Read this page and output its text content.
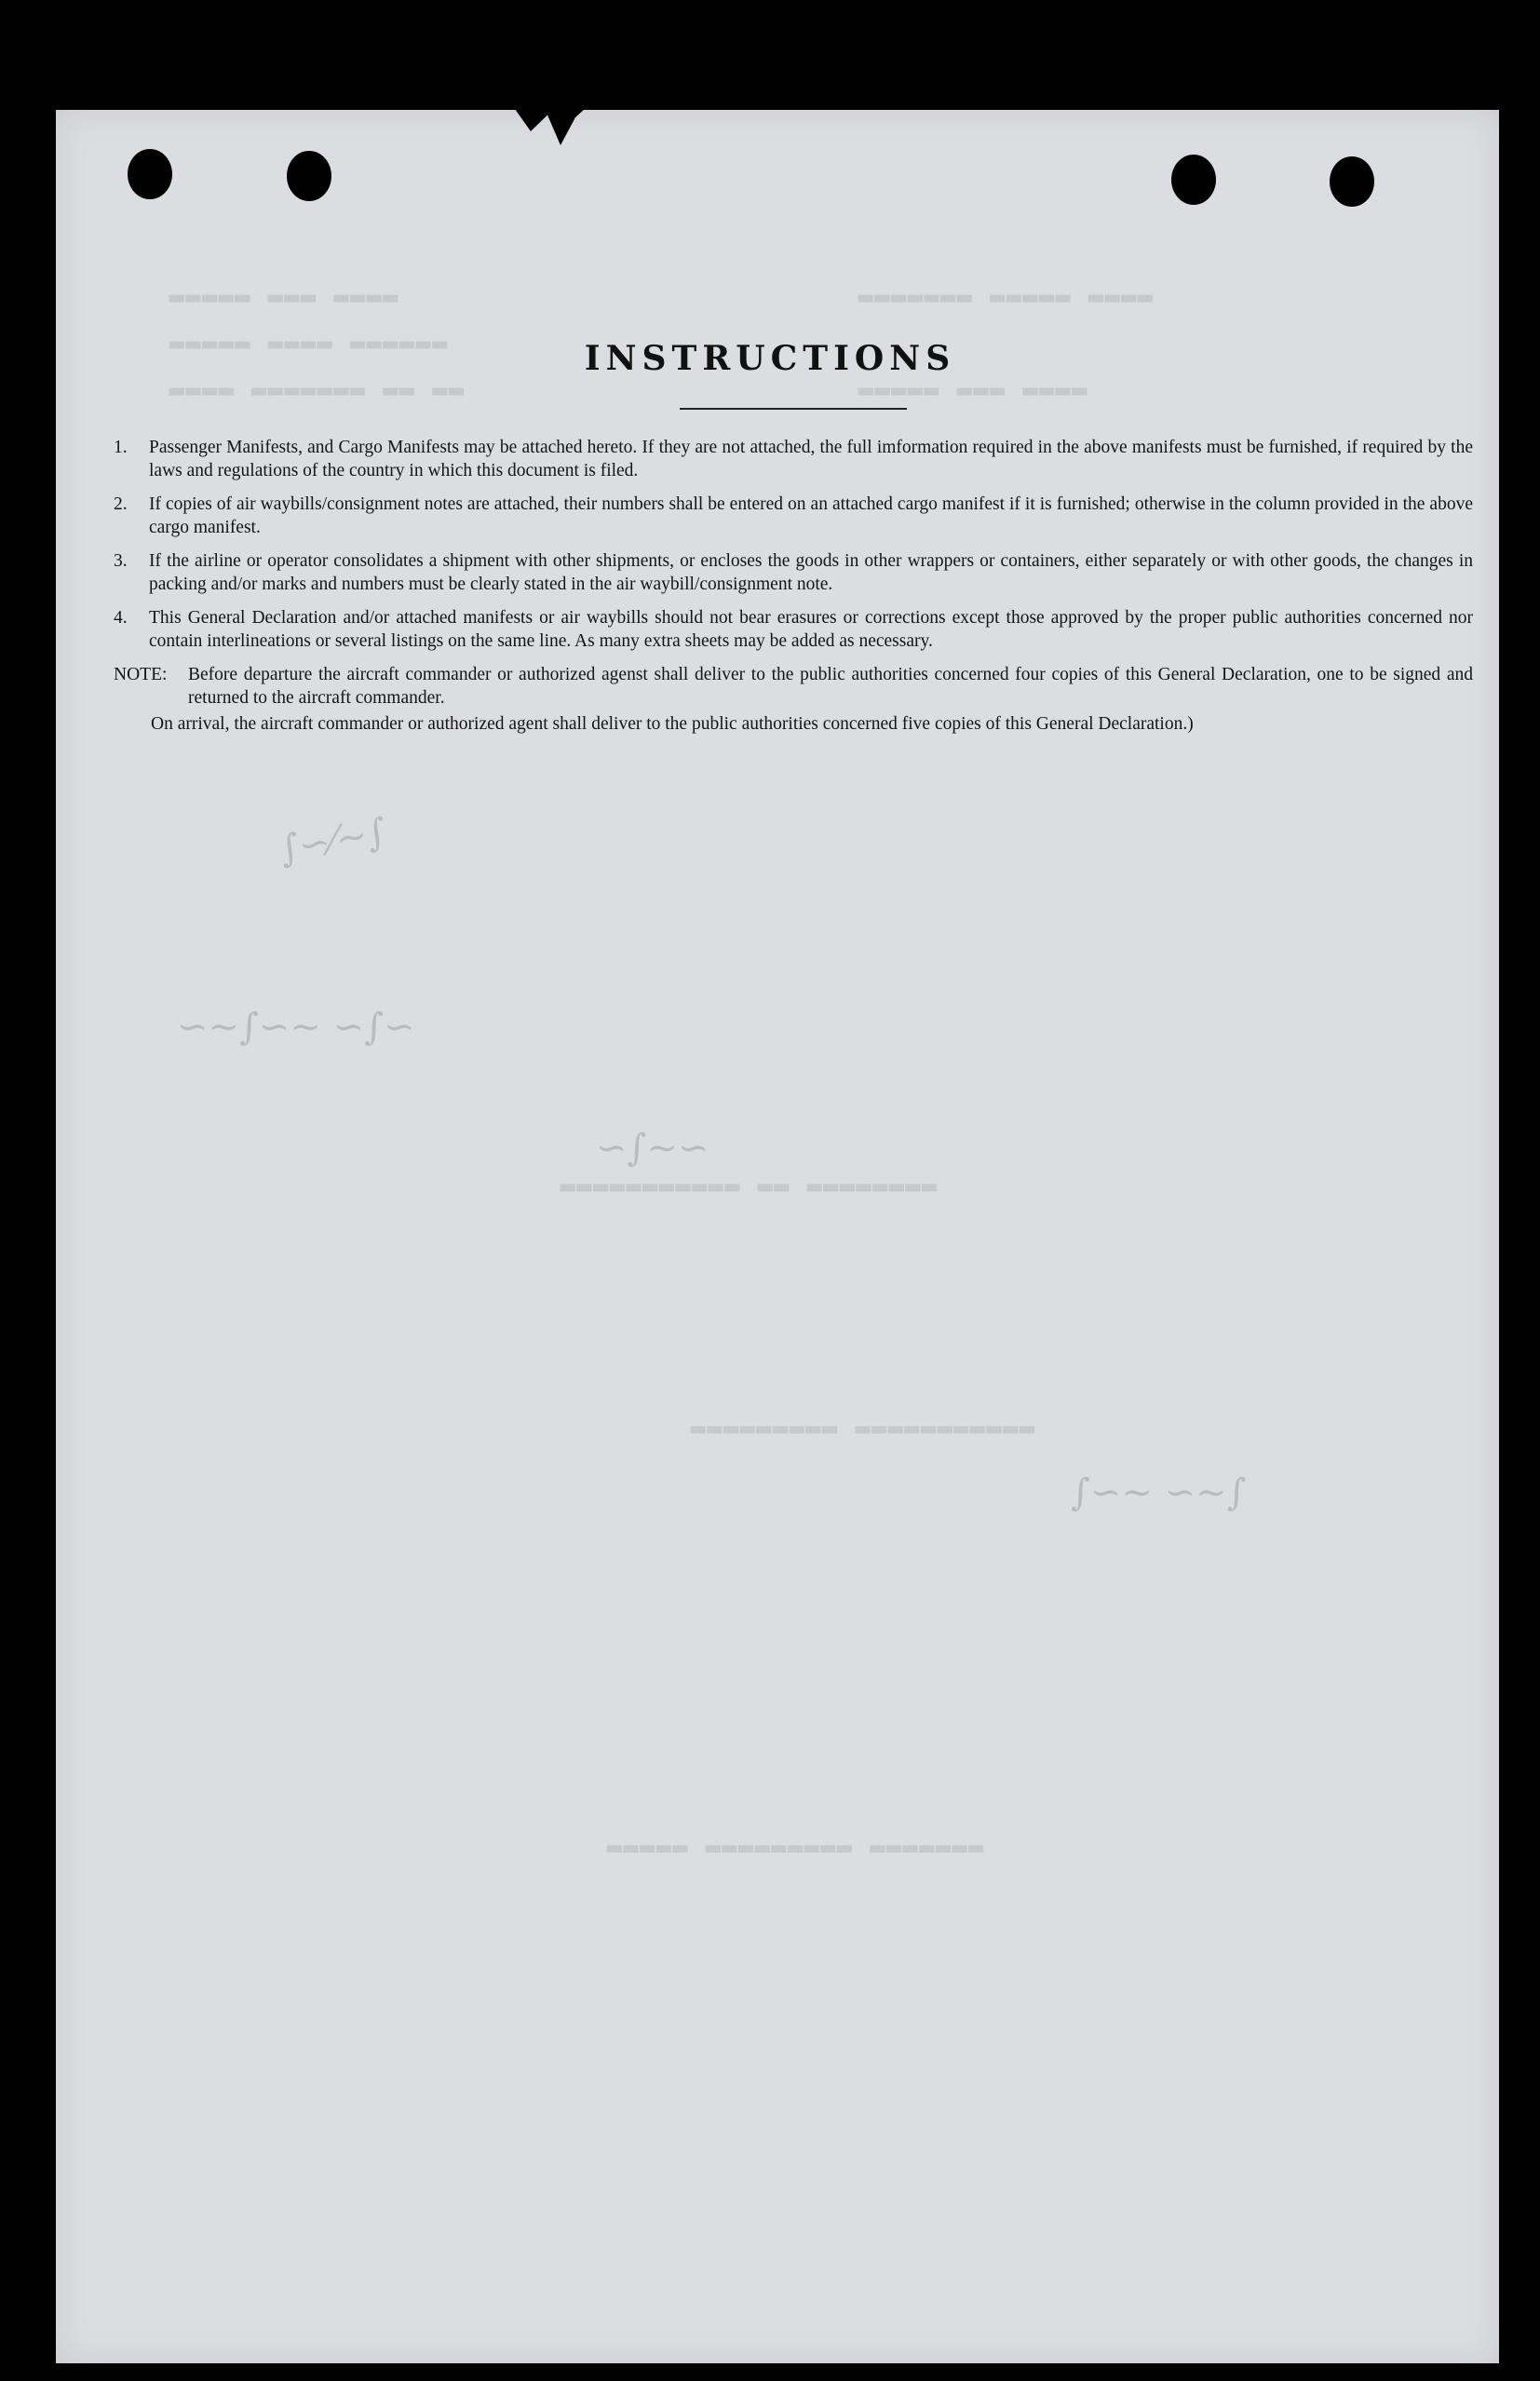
▂▂▂▂ ▂▂▂ ▂▂▂▂▂
▂▂▂▂▂▂ ▂▂▂▂ ▂▂▂▂▂
▂▂ ▂▂ ▂▂▂▂▂▂▂ ▂▂▂▂
▂▂▂▂ ▂▂▂▂▂ ▂▂▂▂▂▂▂
▂▂▂▂ ▂▂▂ ▂▂▂▂▂
▂▂▂▂▂▂▂▂ ▂▂ ▂▂▂▂▂▂▂▂▂▂▂
▂▂▂▂▂▂▂▂▂▂▂ ▂▂▂▂▂▂▂▂▂
▂▂▂▂▂▂▂ ▂▂▂▂▂▂▂▂▂ ▂▂▂▂▂
∫∽⁄∼∫
∽∼∫∽∼ ∽∫∽
∽∫∼∽
∫∽∼ ∽∼∫
INSTRUCTIONS
1.	Passenger Manifests, and Cargo Manifests may be attached hereto. If they are not attached, the full imformation required in the above manifests must be furnished, if required by the laws and regulations of the country in which this document is filed.
2.	If copies of air waybills/consignment notes are attached, their numbers shall be entered on an attached cargo manifest if it is furnished; otherwise in the column provided in the above cargo manifest.
3.	If the airline or operator consolidates a shipment with other shipments, or encloses the goods in other wrappers or containers, either separately or with other goods, the changes in packing and/or marks and numbers must be clearly stated in the air waybill/consignment note.
4.	This General Declaration and/or attached manifests or air waybills should not bear erasures or corrections except those approved by the proper public authorities concerned nor contain interlineations or several listings on the same line. As many extra sheets may be added as necessary.
NOTE:	Before departure the aircraft commander or authorized agenst shall deliver to the public authorities concerned four copies of this General Declaration, one to be signed and returned to the aircraft commander.
On arrival, the aircraft commander or authorized agent shall deliver to the public authorities concerned five copies of this General Declaration.)
